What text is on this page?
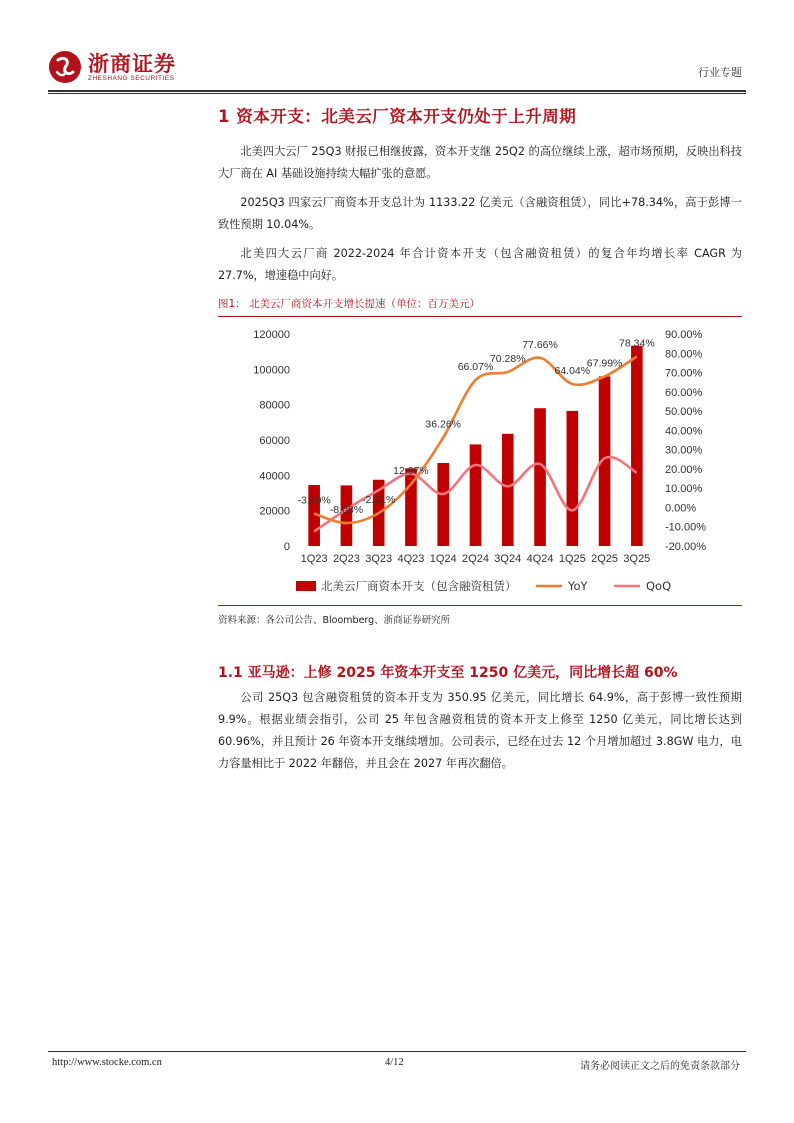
浙商证券
ZHESHANG SECURITIES	行业专题
1 资本开支：北美云厂资本开支仍处于上升周期

北美四大云厂 25Q3 财报已相继披露，资本开支继 25Q2 的高位继续上涨，超市场预期，反映出科技大厂商在 AI 基础设施持续大幅扩张的意愿。

2025Q3 四家云厂商资本开支总计为 1133.22 亿美元（含融资租赁），同比+78.34%，高于彭博一致性预期 10.04%。

北美四大云厂商 2022-2024 年合计资本开支（包含融资租赁）的复合年均增长率 CAGR 为 27.7%，增速稳中向好。

图1： 北美云厂商资本开支增长提速（单位：百万美元）
0
20000
40000
60000
80000
100000
120000
-20.00%
-10.00%
0.00%
10.00%
20.00%
30.00%
40.00%
50.00%
60.00%
70.00%
80.00%
90.00%
1Q23 2Q23 3Q23 4Q23 1Q24 2Q24 3Q24 4Q24 1Q25 2Q25 3Q25
-3.19%
-8.08%
-2.91%
12.07%
36.26%
66.07%
70.28%
77.66%
64.04%
67.99%
78.34%
北美云厂商资本开支（包含融资租赁）	YoY	QoQ
资料来源：各公司公告、Bloomberg、浙商证券研究所
1.1 亚马逊：上修 2025 年资本开支至 1250 亿美元，同比增长超 60%

公司 25Q3 包含融资租赁的资本开支为 350.95 亿美元，同比增长 64.9%，高于彭博一致性预期 9.9%。根据业绩会指引，公司 25 年包含融资租赁的资本开支上修至 1250 亿美元，同比增长达到 60.96%，并且预计 26 年资本开支继续增加。公司表示，已经在过去 12 个月增加超过 3.8GW 电力，电力容量相比于 2022 年翻倍，并且会在 2027 年再次翻倍。

http://www.stocke.com.cn	4/12	请务必阅读正文之后的免责条款部分
